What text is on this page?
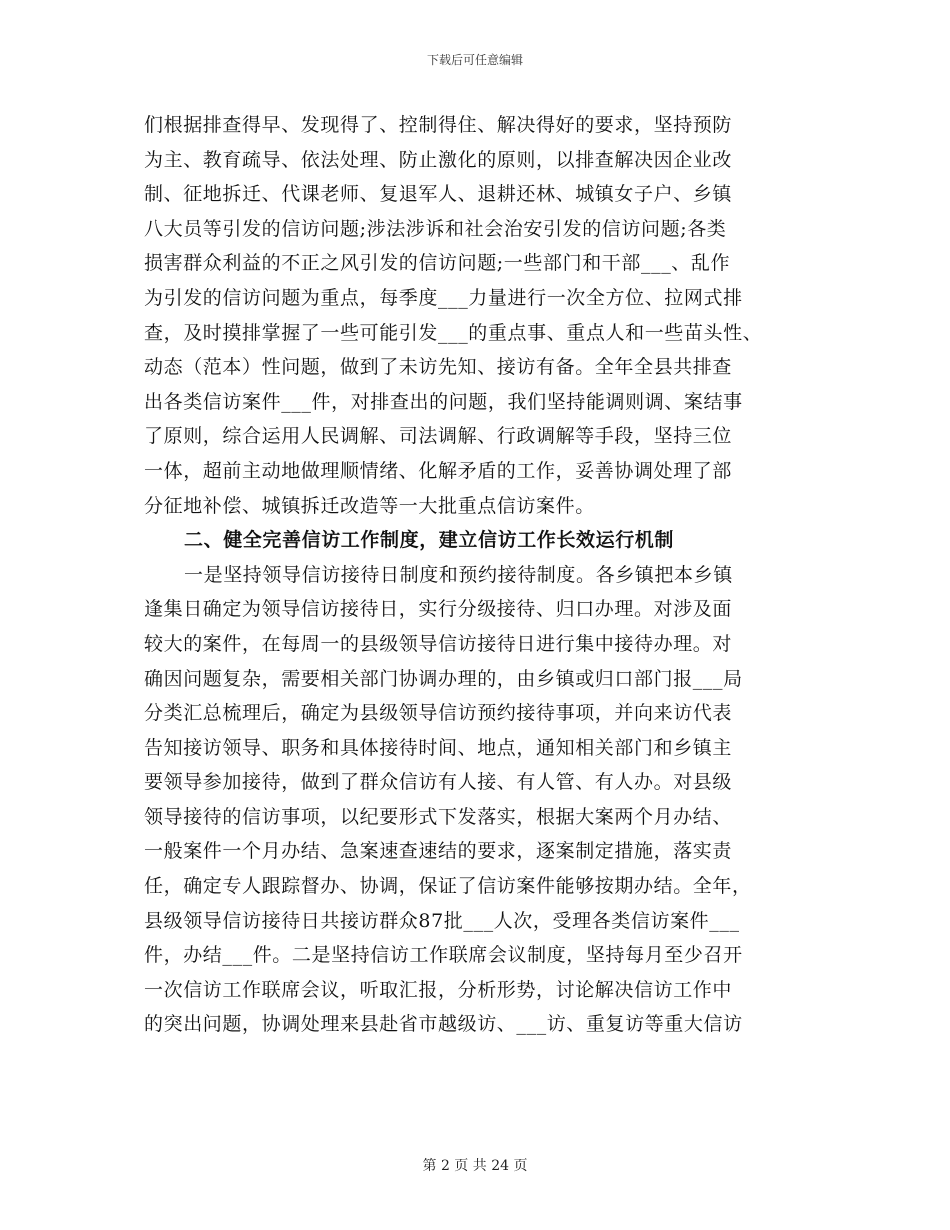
下载后可任意编辑
们根据排查得早、发现得了、控制得住、解决得好的要求，坚持预防
为主、教育疏导、依法处理、防止激化的原则，以排查解决因企业改
制、征地拆迁、代课老师、复退军人、退耕还林、城镇女子户、乡镇
八大员等引发的信访问题;涉法涉诉和社会治安引发的信访问题;各类
损害群众利益的不正之风引发的信访问题;一些部门和干部___、乱作
为引发的信访问题为重点，每季度___力量进行一次全方位、拉网式排
查，及时摸排掌握了一些可能引发___的重点事、重点人和一些苗头性、
动态（范本）性问题，做到了未访先知、接访有备。全年全县共排查
出各类信访案件___件，对排查出的问题，我们坚持能调则调、案结事
了原则，综合运用人民调解、司法调解、行政调解等手段，坚持三位
一体，超前主动地做理顺情绪、化解矛盾的工作，妥善协调处理了部
分征地补偿、城镇拆迁改造等一大批重点信访案件。
二、健全完善信访工作制度，建立信访工作长效运行机制
一是坚持领导信访接待日制度和预约接待制度。各乡镇把本乡镇
逢集日确定为领导信访接待日，实行分级接待、归口办理。对涉及面
较大的案件，在每周一的县级领导信访接待日进行集中接待办理。对
确因问题复杂，需要相关部门协调办理的，由乡镇或归口部门报___局
分类汇总梳理后，确定为县级领导信访预约接待事项，并向来访代表
告知接访领导、职务和具体接待时间、地点，通知相关部门和乡镇主
要领导参加接待，做到了群众信访有人接、有人管、有人办。对县级
领导接待的信访事项，以纪要形式下发落实，根据大案两个月办结、
一般案件一个月办结、急案速查速结的要求，逐案制定措施，落实责
任，确定专人跟踪督办、协调，保证了信访案件能够按期办结。全年，
县级领导信访接待日共接访群众87批___人次，受理各类信访案件___
件，办结___件。二是坚持信访工作联席会议制度，坚持每月至少召开
一次信访工作联席会议，听取汇报，分析形势，讨论解决信访工作中
的突出问题，协调处理来县赴省市越级访、___访、重复访等重大信访
第 2 页 共 24 页
